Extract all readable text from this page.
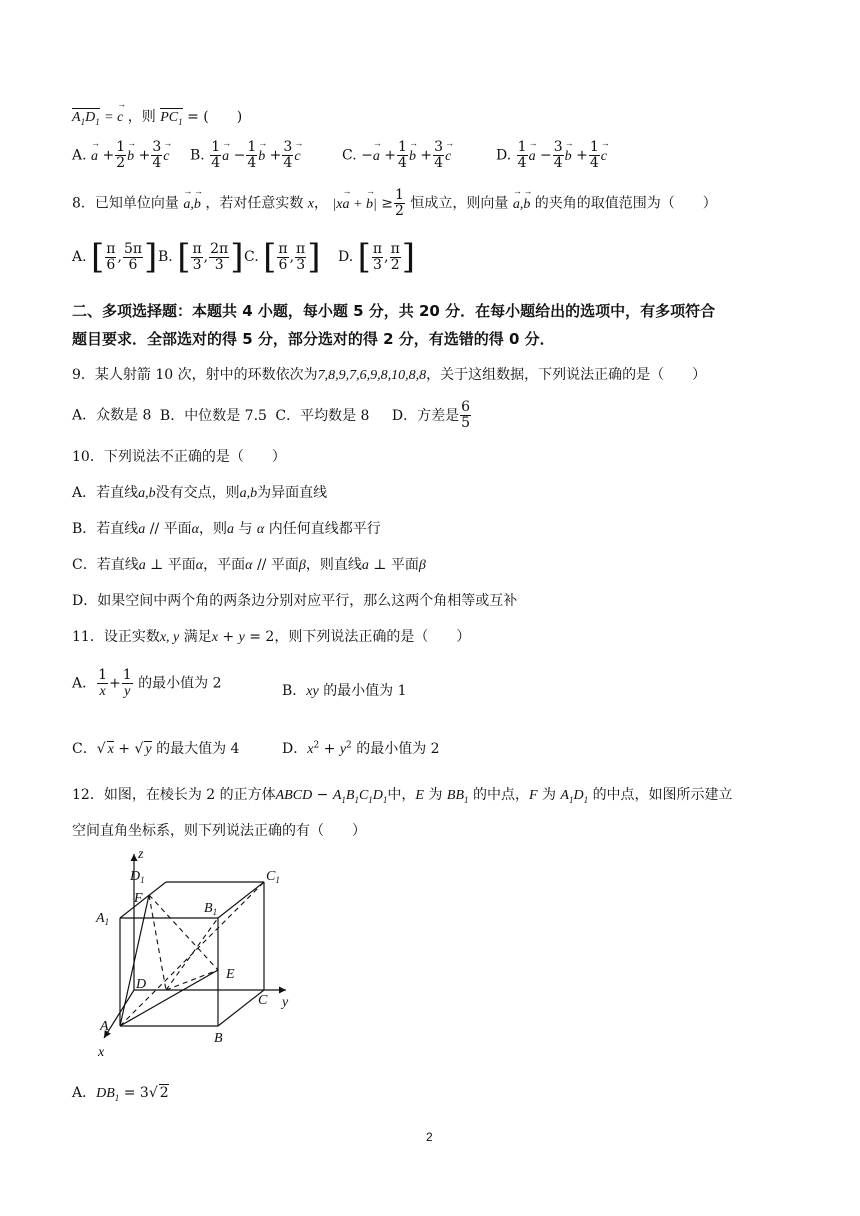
$A_1D_1 = c$ → ，则 $PC_1$ = (　　)
A. a → + $\frac{1}{2}$ b → + $\frac{3}{4}$ c → B. $\frac{1}{4}$ a → − $\frac{1}{4}$ b → + $\frac{3}{4}$ c →	C. −a → + $\frac{1}{4}$ b → + $\frac{3}{4}$ c →	D. $\frac{1}{4}$ a → − $\frac{3}{4}$ b → + $\frac{1}{4}$ c →
8．已知单位向量 a →,b → ，若对任意实数 x， |xa → + b →| ≥ $\frac{1}{2}$ 恒成立，则向量 a →,b → 的夹角的取值范围为（　　）
A. [ $\frac{\pi}{6}$ , $\frac{5\pi}{6}$ ] B. [ $\frac{\pi}{3}$ , $\frac{2\pi}{3}$ ] C. [ $\frac{\pi}{6}$ , $\frac{\pi}{3}$ ] D. [ $\frac{\pi}{3}$ , $\frac{\pi}{2}$ ]
二、多项选择题：本题共 4 小题，每小题 5 分，共 20 分．在每小题给出的选项中，有多项符合
题目要求．全部选对的得 5 分，部分选对的得 2 分，有选错的得 0 分．
9．某人射箭 10 次，射中的环数依次为7,8,9,7,6,9,8,10,8,8，关于这组数据，下列说法正确的是（　　）
A．众数是 8 B．中位数是 7.5 C．平均数是 8 D．方差是 $\frac{6}{5}$
10．下列说法不正确的是（　　）
A．若直线a,b没有交点，则a,b为异面直线
B．若直线a // 平面α，则a 与 α 内任何直线都平行
C．若直线a ⊥ 平面α，平面α // 平面β，则直线a ⊥ 平面β
D．如果空间中两个角的两条边分别对应平行，那么这两个角相等或互补
11．设正实数x, y 满足x + y = 2，则下列说法正确的是（　　）
A． $\frac{1}{x} + \frac{1}{y}$ 的最小值为 2	B．xy 的最小值为 1
C．√ x + √ y 的最大值为 4	D．$x^2 + y^2$ 的最小值为 2
12．如图，在棱长为 2 的正方体ABCD − $A_1B_1C_1D_1$中，E 为 $BB_1$ 的中点，F 为 $A_1D_1$ 的中点，如图所示建立
空间直角坐标系，则下列说法正确的有（　　）
z
$D_1$	$C_1$
F
$A_1$
$B_1$
E
D
C y
A
B
x
A．$DB_1 = 3√$ 2
2
